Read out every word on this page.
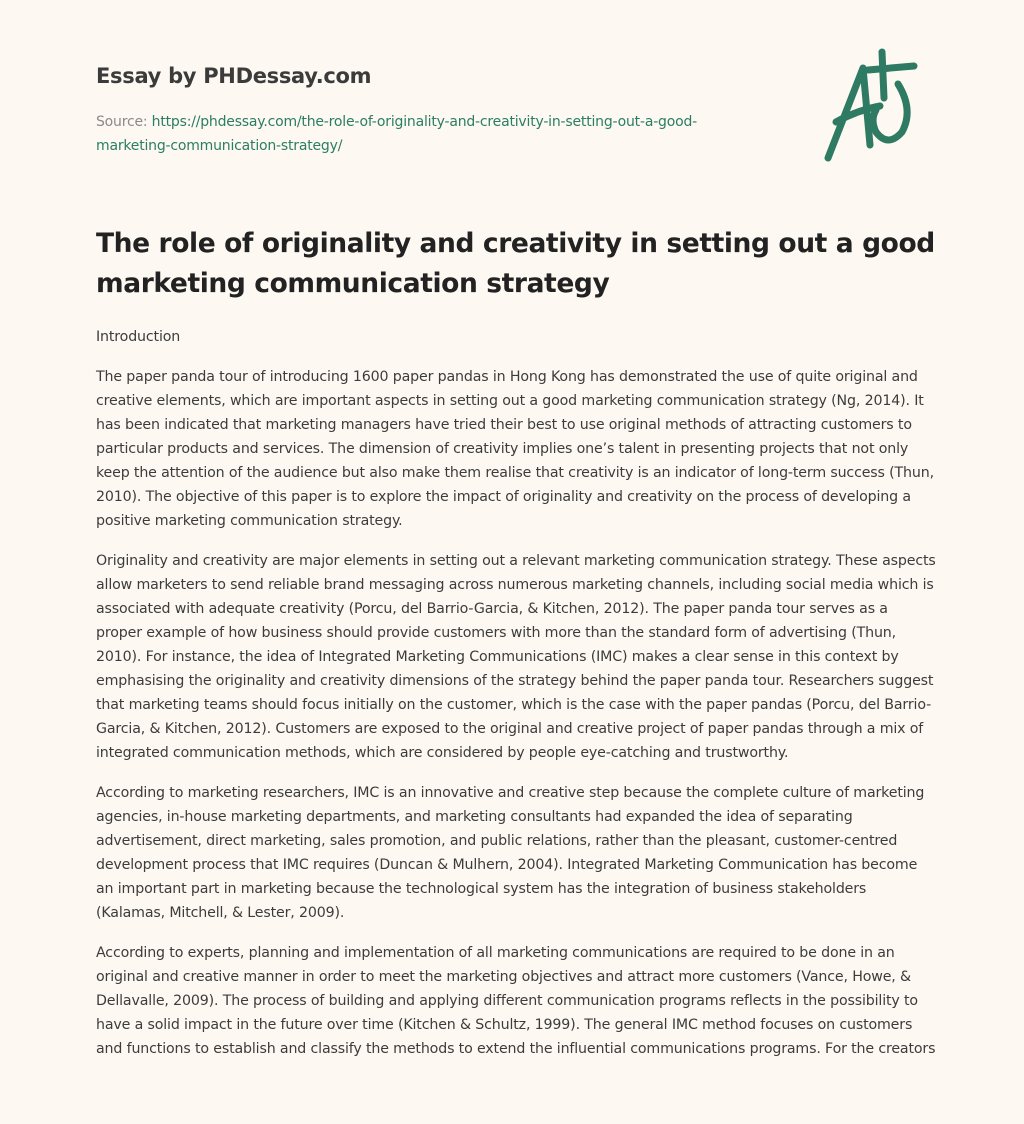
Essay by PHDessay.com
Source: https://phdessay.com/the-role-of-originality-and-creativity-in-setting-out-a-good-marketing-communication-strategy/
The role of originality and creativity in setting out a good marketing communication strategy

Introduction

The paper panda tour of introducing 1600 paper pandas in Hong Kong has demonstrated the use of quite original and creative elements, which are important aspects in setting out a good marketing communication strategy (Ng, 2014). It has been indicated that marketing managers have tried their best to use original methods of attracting customers to particular products and services. The dimension of creativity implies one’s talent in presenting projects that not only keep the attention of the audience but also make them realise that creativity is an indicator of long-term success (Thun, 2010). The objective of this paper is to explore the impact of originality and creativity on the process of developing a positive marketing communication strategy.

Originality and creativity are major elements in setting out a relevant marketing communication strategy. These aspects allow marketers to send reliable brand messaging across numerous marketing channels, including social media which is associated with adequate creativity (Porcu, del Barrio-Garcia, & Kitchen, 2012). The paper panda tour serves as a proper example of how business should provide customers with more than the standard form of advertising (Thun, 2010). For instance, the idea of Integrated Marketing Communications (IMC) makes a clear sense in this context by emphasising the originality and creativity dimensions of the strategy behind the paper panda tour. Researchers suggest that marketing teams should focus initially on the customer, which is the case with the paper pandas (Porcu, del Barrio-Garcia, & Kitchen, 2012). Customers are exposed to the original and creative project of paper pandas through a mix of integrated communication methods, which are considered by people eye-catching and trustworthy.

According to marketing researchers, IMC is an innovative and creative step because the complete culture of marketing agencies, in-house marketing departments, and marketing consultants had expanded the idea of separating advertisement, direct marketing, sales promotion, and public relations, rather than the pleasant, customer-centred development process that IMC requires (Duncan & Mulhern, 2004). Integrated Marketing Communication has become an important part in marketing because the technological system has the integration of business stakeholders (Kalamas, Mitchell, & Lester, 2009).

According to experts, planning and implementation of all marketing communications are required to be done in an original and creative manner in order to meet the marketing objectives and attract more customers (Vance, Howe, & Dellavalle, 2009). The process of building and applying different communication programs reflects in the possibility to have a solid impact in the future over time (Kitchen & Schultz, 1999). The general IMC method focuses on customers and functions to establish and classify the methods to extend the influential communications programs. For the creators
